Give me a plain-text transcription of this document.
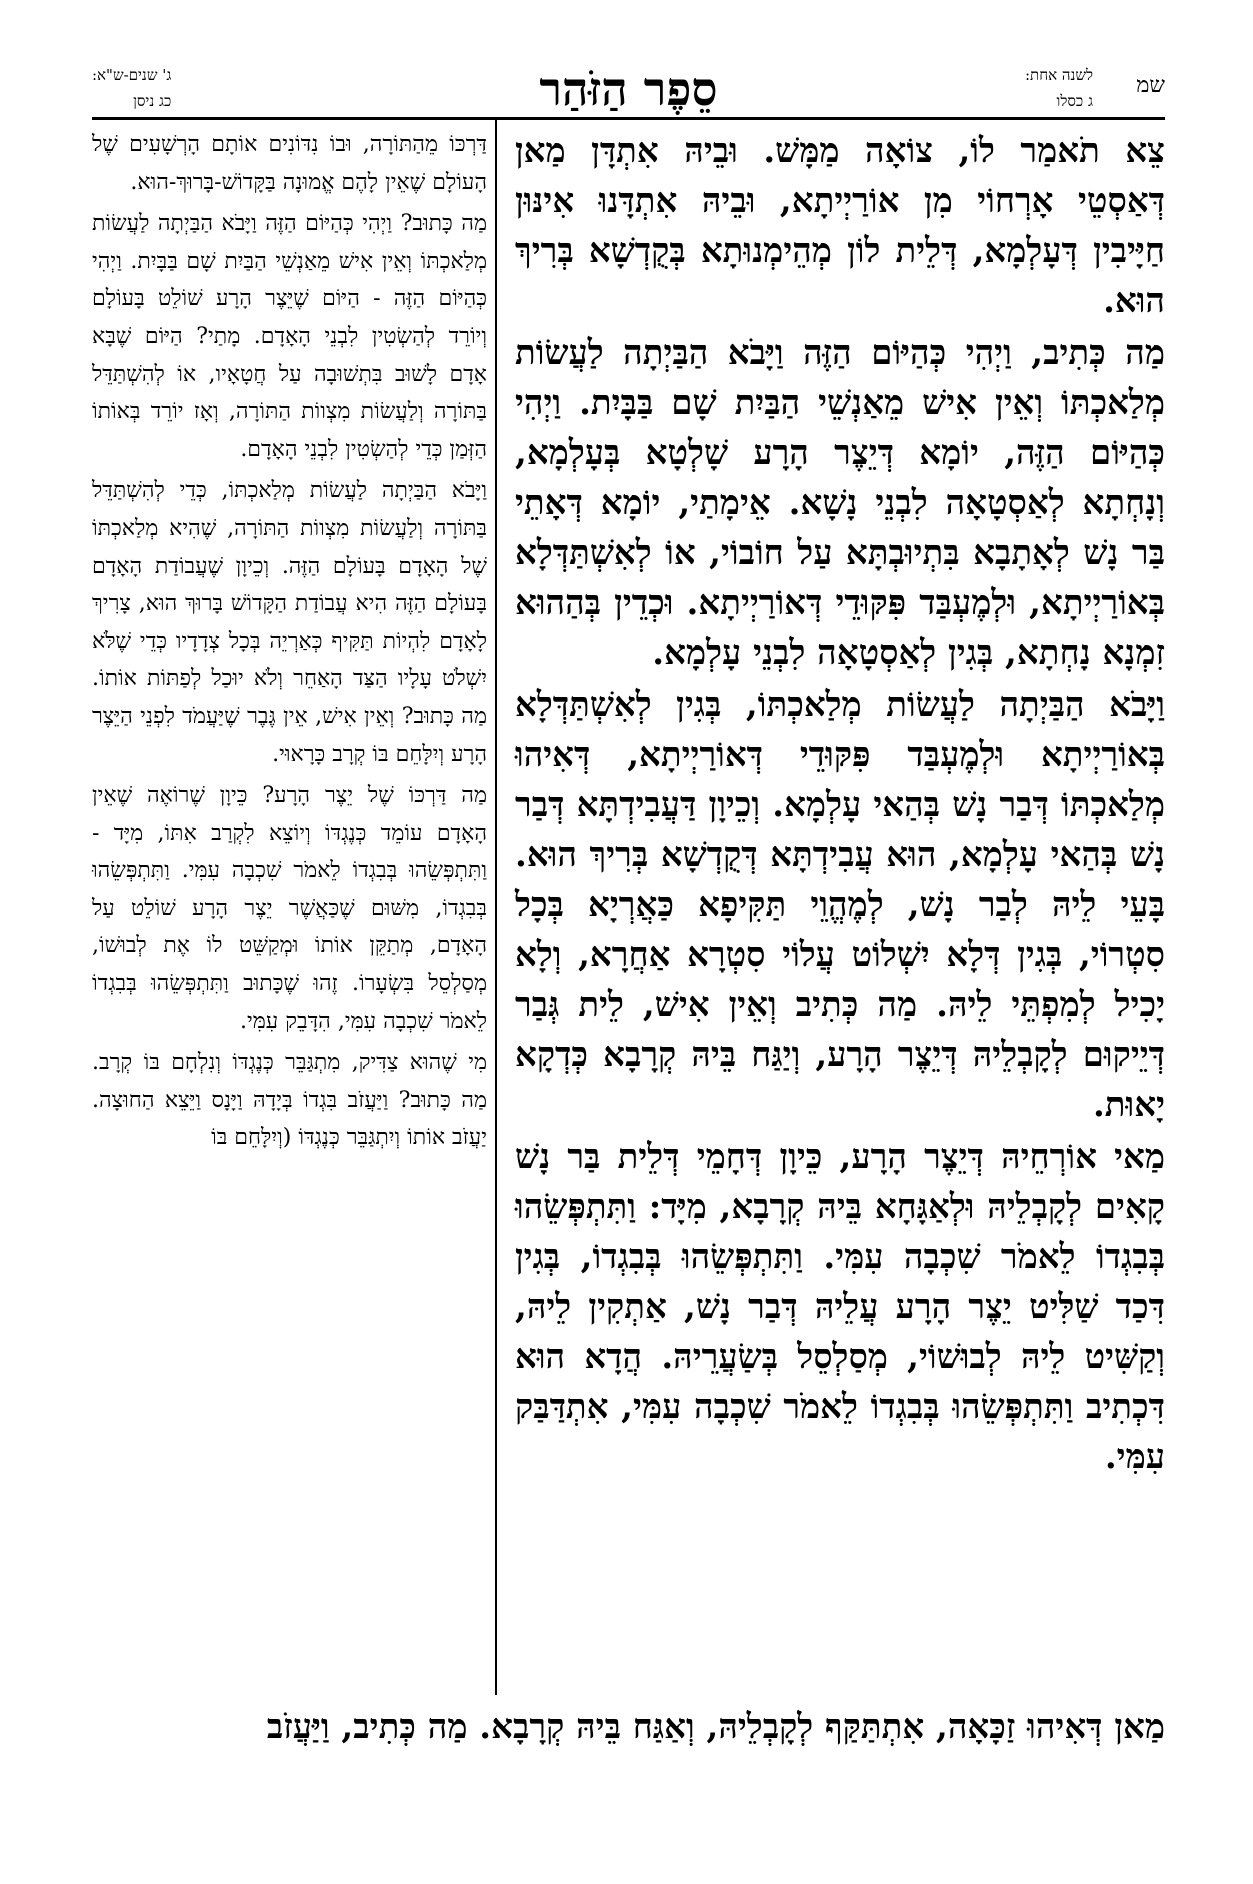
שמ
לשנה אחת:
ג כסלו
סֵפֶר הַזֹּהַר
ג' שנים-ש"א:
כג ניסן

צֵא תֹאמַר לוֹ, צוֹאָה מַמָּשׁ. וּבֵיהּ אִתְדָּן מַאן דְּאַסְטֵי אָרְחוֹי מִן אוֹרַיְיתָא, וּבֵיהּ אִתְדָּנוּ אִינּוּן חַיָּיבִין דְּעָלְמָא, דְּלֵית לוֹן מְהֵימְנוּתָא בְּקֻדְשָׁא בְּרִיךְ הוּא.

מַה כְּתִיב, וַיְהִי כְּהַיּוֹם הַזֶּה וַיָּבֹא הַבַּיְתָה לַעֲשׂוֹת מְלַאכְתּוֹ וְאֵין אִישׁ מֵאַנְשֵׁי הַבַּיִת שָׁם בַּבָּיִת. וַיְהִי כְּהַיּוֹם הַזֶּה, יוֹמָא דְּיֵצֶר הָרָע שָׁלְטָא בְּעָלְמָא, וְנָחְתָא לְאַסְטָאָה לִבְנֵי נָשָׁא. אֵימָתַי, יוֹמָא דְּאָתֵי בַּר נָשׁ לְאָתָבָא בִּתְיוּבְתָּא עַל חוֹבוֹי, אוֹ לְאִשְׁתַּדְּלָא בְּאוֹרַיְיתָא, וּלְמֶעְבַּד פִּקּוּדֵי דְּאוֹרַיְיתָא. וּכְדֵין בְּהַהוּא זִמְנָא נָחְתָא, בְּגִין לְאַסְטָאָה לִבְנֵי עָלְמָא.

וַיָּבֹא הַבַּיְתָה לַעֲשׂוֹת מְלַאכְתּוֹ, בְּגִין לְאִשְׁתַּדְּלָא בְּאוֹרַיְיתָא וּלְמֶעְבַּד פִּקּוּדֵי דְּאוֹרַיְיתָא, דְּאִיהוּ מְלַאכְתּוֹ דְּבַר נָשׁ בְּהַאי עָלְמָא. וְכֵיוָן דַּעֲבִידְתָּא דְּבַר נָשׁ בְּהַאי עָלְמָא, הוּא עֲבִידְתָּא דְּקֻדְשָׁא בְּרִיךְ הוּא. בָּעֵי לֵיהּ לְבַר נָשׁ, לְמֶהֱוֵי תַּקִּיפָא כַּאֲרְיָא בְּכָל סִטְרוֹי, בְּגִין דְּלָא יִשְׁלוֹט עֲלוֹי סִטְרָא אַחֲרָא, וְלָא יָכִיל לְמִפְתֵּי לֵיהּ. מַה כְּתִיב וְאֵין אִישׁ, לֵית גְּבַר דְּיֵיקוּם לְקָבְלֵיהּ דְּיֵצֶר הָרָע, וְיַגַּח בֵּיהּ קְרָבָא כְּדְקָא יָאוּת.

מַאי אוֹרְחֵיהּ דְּיֵצֶר הָרָע, כֵּיוָן דְּחָמֵי דְּלֵית בַּר נָשׁ קָאִים לְקָבְלֵיהּ וּלְאַגָּחָא בֵּיהּ קְרָבָא, מִיָּד: וַתִּתְפְּשֵׂהוּ בְּבִגְדוֹ לֵאמֹר שִׁכְבָה עִמִּי. וַתִּתְפְּשֵׂהוּ בְּבִגְדוֹ, בְּגִין דִּכַד שַׁלִּיט יֵצֶר הָרָע עֲלֵיהּ דְּבַר נָשׁ, אַתְקִין לֵיהּ, וְקַשִּׁיט לֵיהּ לְבוּשׁוֹי, מְסַלְסֵל בְּשַׂעֲרֵיהּ. הֲדָא הוּא דִּכְתִיב וַתִּתְפְּשֵׂהוּ בְּבִגְדוֹ לֵאמֹר שִׁכְבָה עִמִּי, אִתְדַּבַּק עִמִּי.

דַּרְכּוֹ מֵהַתּוֹרָה, וּבוֹ נִדּוֹנִים אוֹתָם הָרְשָׁעִים שֶׁל הָעוֹלָם שֶׁאֵין לָהֶם אֱמוּנָה בַּקָּדוֹשׁ-בָּרוּךְ-הוּא.

מַה כָּתוּב? וַיְהִי כְּהַיּוֹם הַזֶּה וַיָּבֹא הַבַּיְתָה לַעֲשׂוֹת מְלַאכְתּוֹ וְאֵין אִישׁ מֵאַנְשֵׁי הַבַּיִת שָׁם בַּבָּיִת. וַיְהִי כְּהַיּוֹם הַזֶּה - הַיּוֹם שֶׁיֵּצֶר הָרָע שׁוֹלֵט בָּעוֹלָם וְיוֹרֵד לְהַשְׂטִין לִבְנֵי הָאָדָם. מָתַי? הַיּוֹם שֶׁבָּא אָדָם לָשׁוּב בִּתְשׁוּבָה עַל חֲטָאָיו, אוֹ לְהִשְׁתַּדֵּל בַּתּוֹרָה וְלַעֲשׂוֹת מִצְווֹת הַתּוֹרָה, וְאָז יוֹרֵד בְּאוֹתוֹ הַזְּמַן כְּדֵי לְהַשְׂטִין לִבְנֵי הָאָדָם.

וַיָּבֹא הַבַּיְתָה לַעֲשׂוֹת מְלַאכְתּוֹ, כְּדֵי לְהִשְׁתַּדֵּל בַּתּוֹרָה וְלַעֲשׂוֹת מִצְווֹת הַתּוֹרָה, שֶׁהִיא מְלַאכְתּוֹ שֶׁל הָאָדָם בָּעוֹלָם הַזֶּה. וְכֵיוָן שֶׁעֲבוֹדַת הָאָדָם בָּעוֹלָם הַזֶּה הִיא עֲבוֹדַת הַקָּדוֹשׁ בָּרוּךְ הוּא, צָרִיךְ לָאָדָם לִהְיוֹת תַּקִּיף כְּאַרְיֵה בְּכָל צְדָדָיו כְּדֵי שֶׁלֹּא יִשְׁלֹט עָלָיו הַצַּד הָאַחֵר וְלֹא יוּכַל לְפַתּוֹת אוֹתוֹ. מַה כָּתוּב? וְאֵין אִישׁ, אֵין גֶּבֶר שֶׁיַּעֲמֹד לִפְנֵי הַיֵּצֶר הָרָע וְיִלָּחֵם בּוֹ קְרָב כָּרָאוּי.

מַה דַּרְכּוֹ שֶׁל יֵצֶר הָרָע? כֵּיוָן שֶׁרוֹאֶה שֶׁאֵין הָאָדָם עוֹמֵד כְּנֶגְדּוֹ וְיוֹצֵא לִקְרַב אִתּוֹ, מִיָּד - וַתִּתְפְּשֵׂהוּ בְּבִגְדוֹ לֵאמֹר שִׁכְבָה עִמִּי. וַתִּתְפְּשֵׂהוּ בְּבִגְדוֹ, מִשּׁוּם שֶׁכַּאֲשֶׁר יֵצֶר הָרָע שׁוֹלֵט עַל הָאָדָם, מְתַקֵּן אוֹתוֹ וּמְקַשֵּׁט לוֹ אֶת לְבוּשׁוֹ, מְסַלְסֵל בִּשְׂעָרוֹ. זֶהוּ שֶׁכָּתוּב וַתִּתְפְּשֵׂהוּ בְּבִגְדוֹ לֵאמֹר שִׁכְבָה עִמִּי, הִדָּבֵק עִמִּי.

מִי שֶׁהוּא צַדִּיק, מִתְגַּבֵּר כְּנֶגְדּוֹ וְנִלְחָם בּוֹ קְרָב. מַה כָּתוּב? וַיַּעֲזֹב בִּגְדוֹ בְּיָדָהּ וַיָּנָס וַיֵּצֵא הַחוּצָה. יַעֲזֹב אוֹתוֹ וְיִתְגַּבֵּר כְּנֶגְדּוֹ (וְיִלָּחֵם בּוֹ

מַאן דְּאִיהוּ זַכָּאָה, אִתְתַּקַּף לְקָבְלֵיהּ, וְאַגַּח בֵּיהּ קְרָבָא. מַה כְּתִיב, וַיַּעֲזֹב
